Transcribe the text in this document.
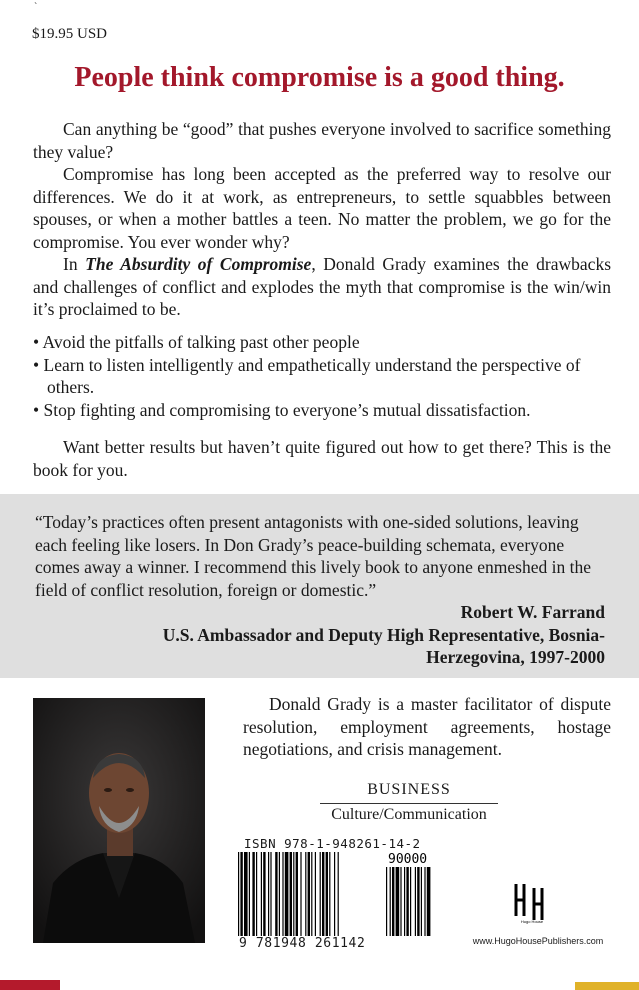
`
$19.95 USD
People think compromise is a good thing.

Can anything be “good” that pushes everyone involved to sacrifice something they value?

Compromise has long been accepted as the preferred way to resolve our differences. We do it at work, as entrepreneurs, to settle squabbles between spouses, or when a mother battles a teen. No matter the problem, we go for the compromise. You ever wonder why?

In The Absurdity of Compromise, Donald Grady examines the drawbacks and challenges of conflict and explodes the myth that compromise is the win/win it’s proclaimed to be.

• Avoid the pitfalls of talking past other people
• Learn to listen intelligently and empathetically understand the perspective of others.
• Stop fighting and compromising to everyone’s mutual dissatisfaction.

Want better results but haven’t quite figured out how to get there? This is the book for you.

“Today’s practices often present antagonists with one-sided solutions, leaving each feeling like losers. In Don Grady’s peace-building schemata, everyone comes away a winner. I recommend this lively book to anyone enmeshed in the field of conflict resolution, foreign or domestic.”
Robert W. Farrand
U.S. Ambassador and Deputy High Representative, Bosnia-Herzegovina, 1997-2000
Donald Grady is a master facilitator of dispute resolution, employment agreements, hostage negotiations, and crisis management.
BUSINESS
Culture/Communication
ISBN 978-1-948261-14-2
90000
9 781948 261142
Hugo House
www.HugoHousePublishers.com
